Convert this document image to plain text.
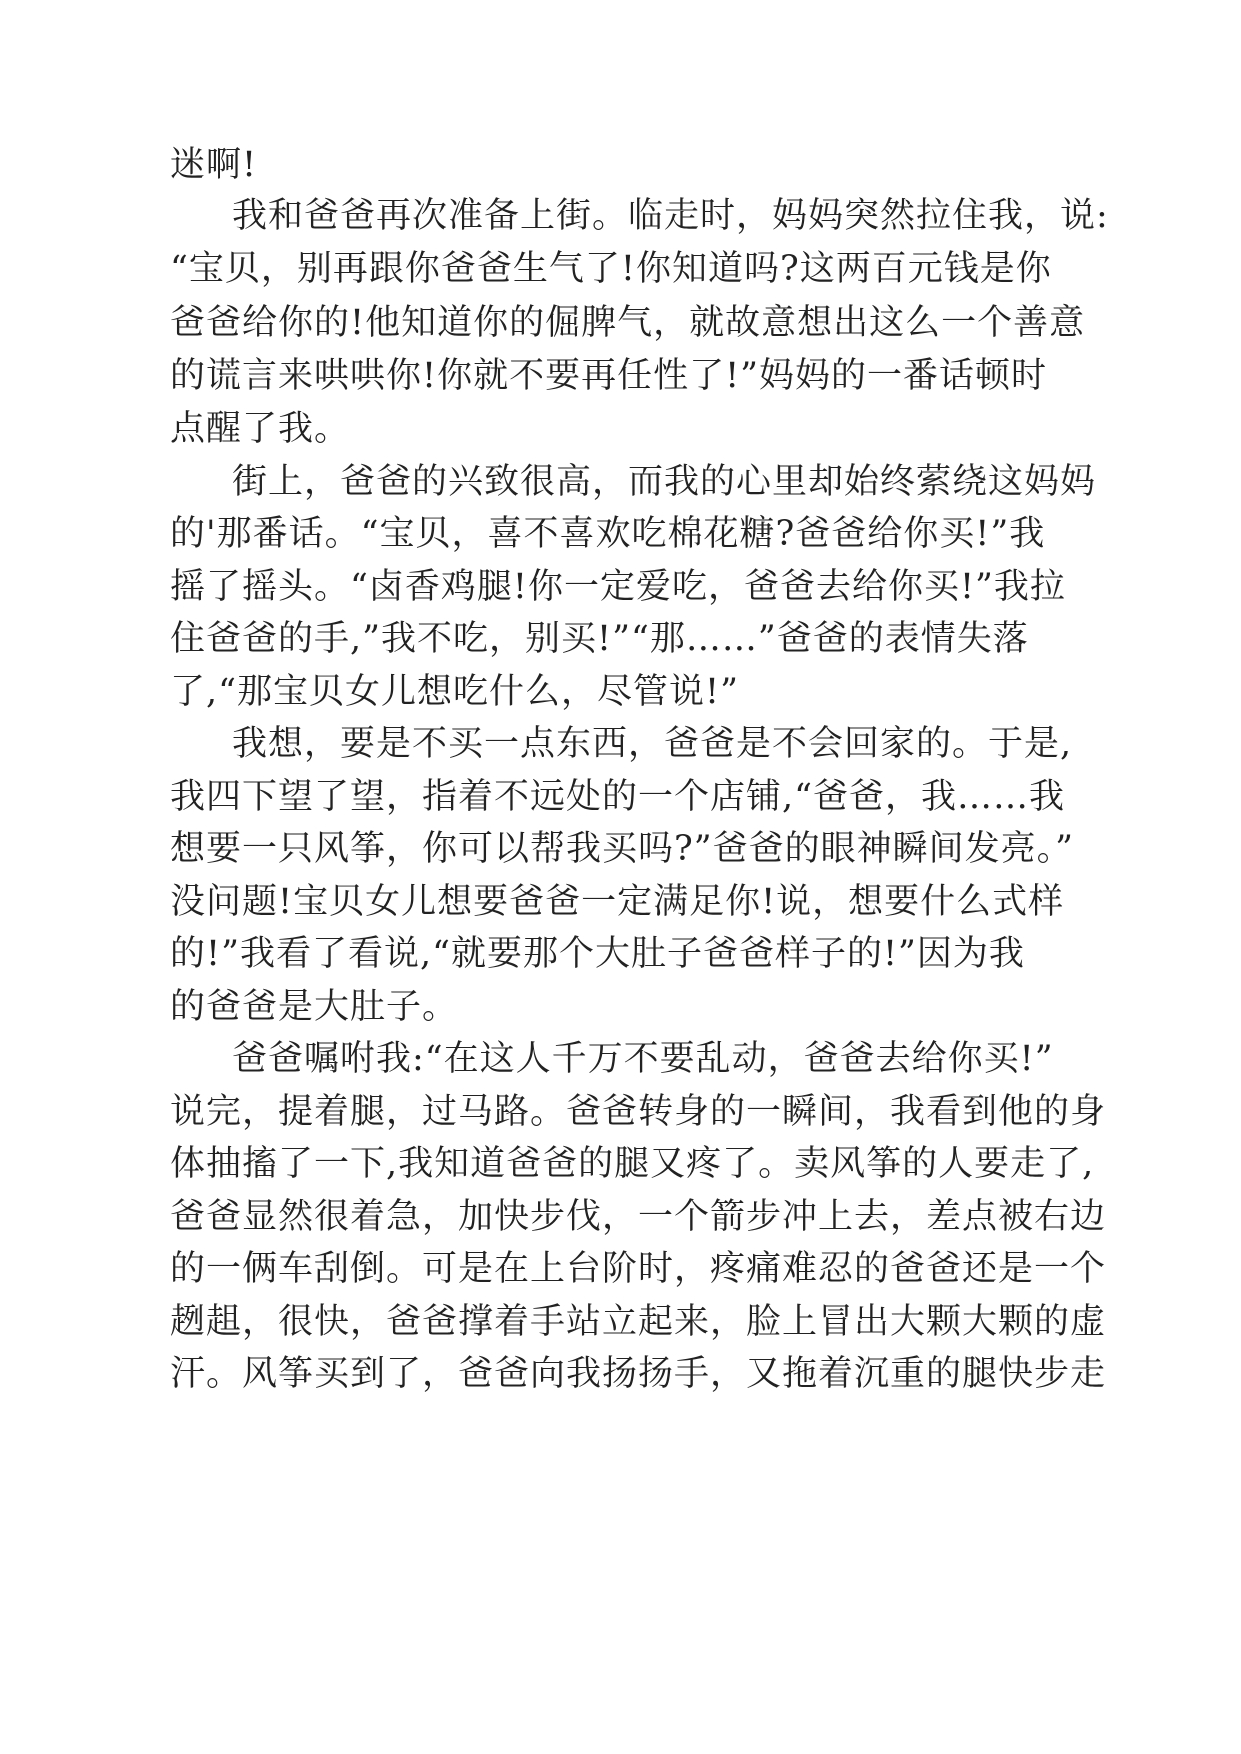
迷啊!

我和爸爸再次准备上街。临走时，妈妈突然拉住我，说:

“宝贝，别再跟你爸爸生气了!你知道吗?这两百元钱是你

爸爸给你的!他知道你的倔脾气，就故意想出这么一个善意

的谎言来哄哄你!你就不要再任性了!”妈妈的一番话顿时

点醒了我。

街上，爸爸的兴致很高，而我的心里却始终萦绕这妈妈

的'那番话。“宝贝，喜不喜欢吃棉花糖?爸爸给你买!”我

摇了摇头。“卤香鸡腿!你一定爱吃，爸爸去给你买!”我拉

住爸爸的手,”我不吃，别买!”“那……”爸爸的表情失落

了,“那宝贝女儿想吃什么，尽管说!”

我想，要是不买一点东西，爸爸是不会回家的。于是,

我四下望了望，指着不远处的一个店铺,“爸爸，我……我

想要一只风筝，你可以帮我买吗?”爸爸的眼神瞬间发亮。”

没问题!宝贝女儿想要爸爸一定满足你!说，想要什么式样

的!”我看了看说,“就要那个大肚子爸爸样子的!”因为我

的爸爸是大肚子。

爸爸嘱咐我:“在这人千万不要乱动，爸爸去给你买!”

说完，提着腿，过马路。爸爸转身的一瞬间，我看到他的身

体抽搐了一下,我知道爸爸的腿又疼了。卖风筝的人要走了,

爸爸显然很着急，加快步伐，一个箭步冲上去，差点被右边

的一俩车刮倒。可是在上台阶时，疼痛难忍的爸爸还是一个

趔趄，很快，爸爸撑着手站立起来，脸上冒出大颗大颗的虚

汗。风筝买到了，爸爸向我扬扬手，又拖着沉重的腿快步走
